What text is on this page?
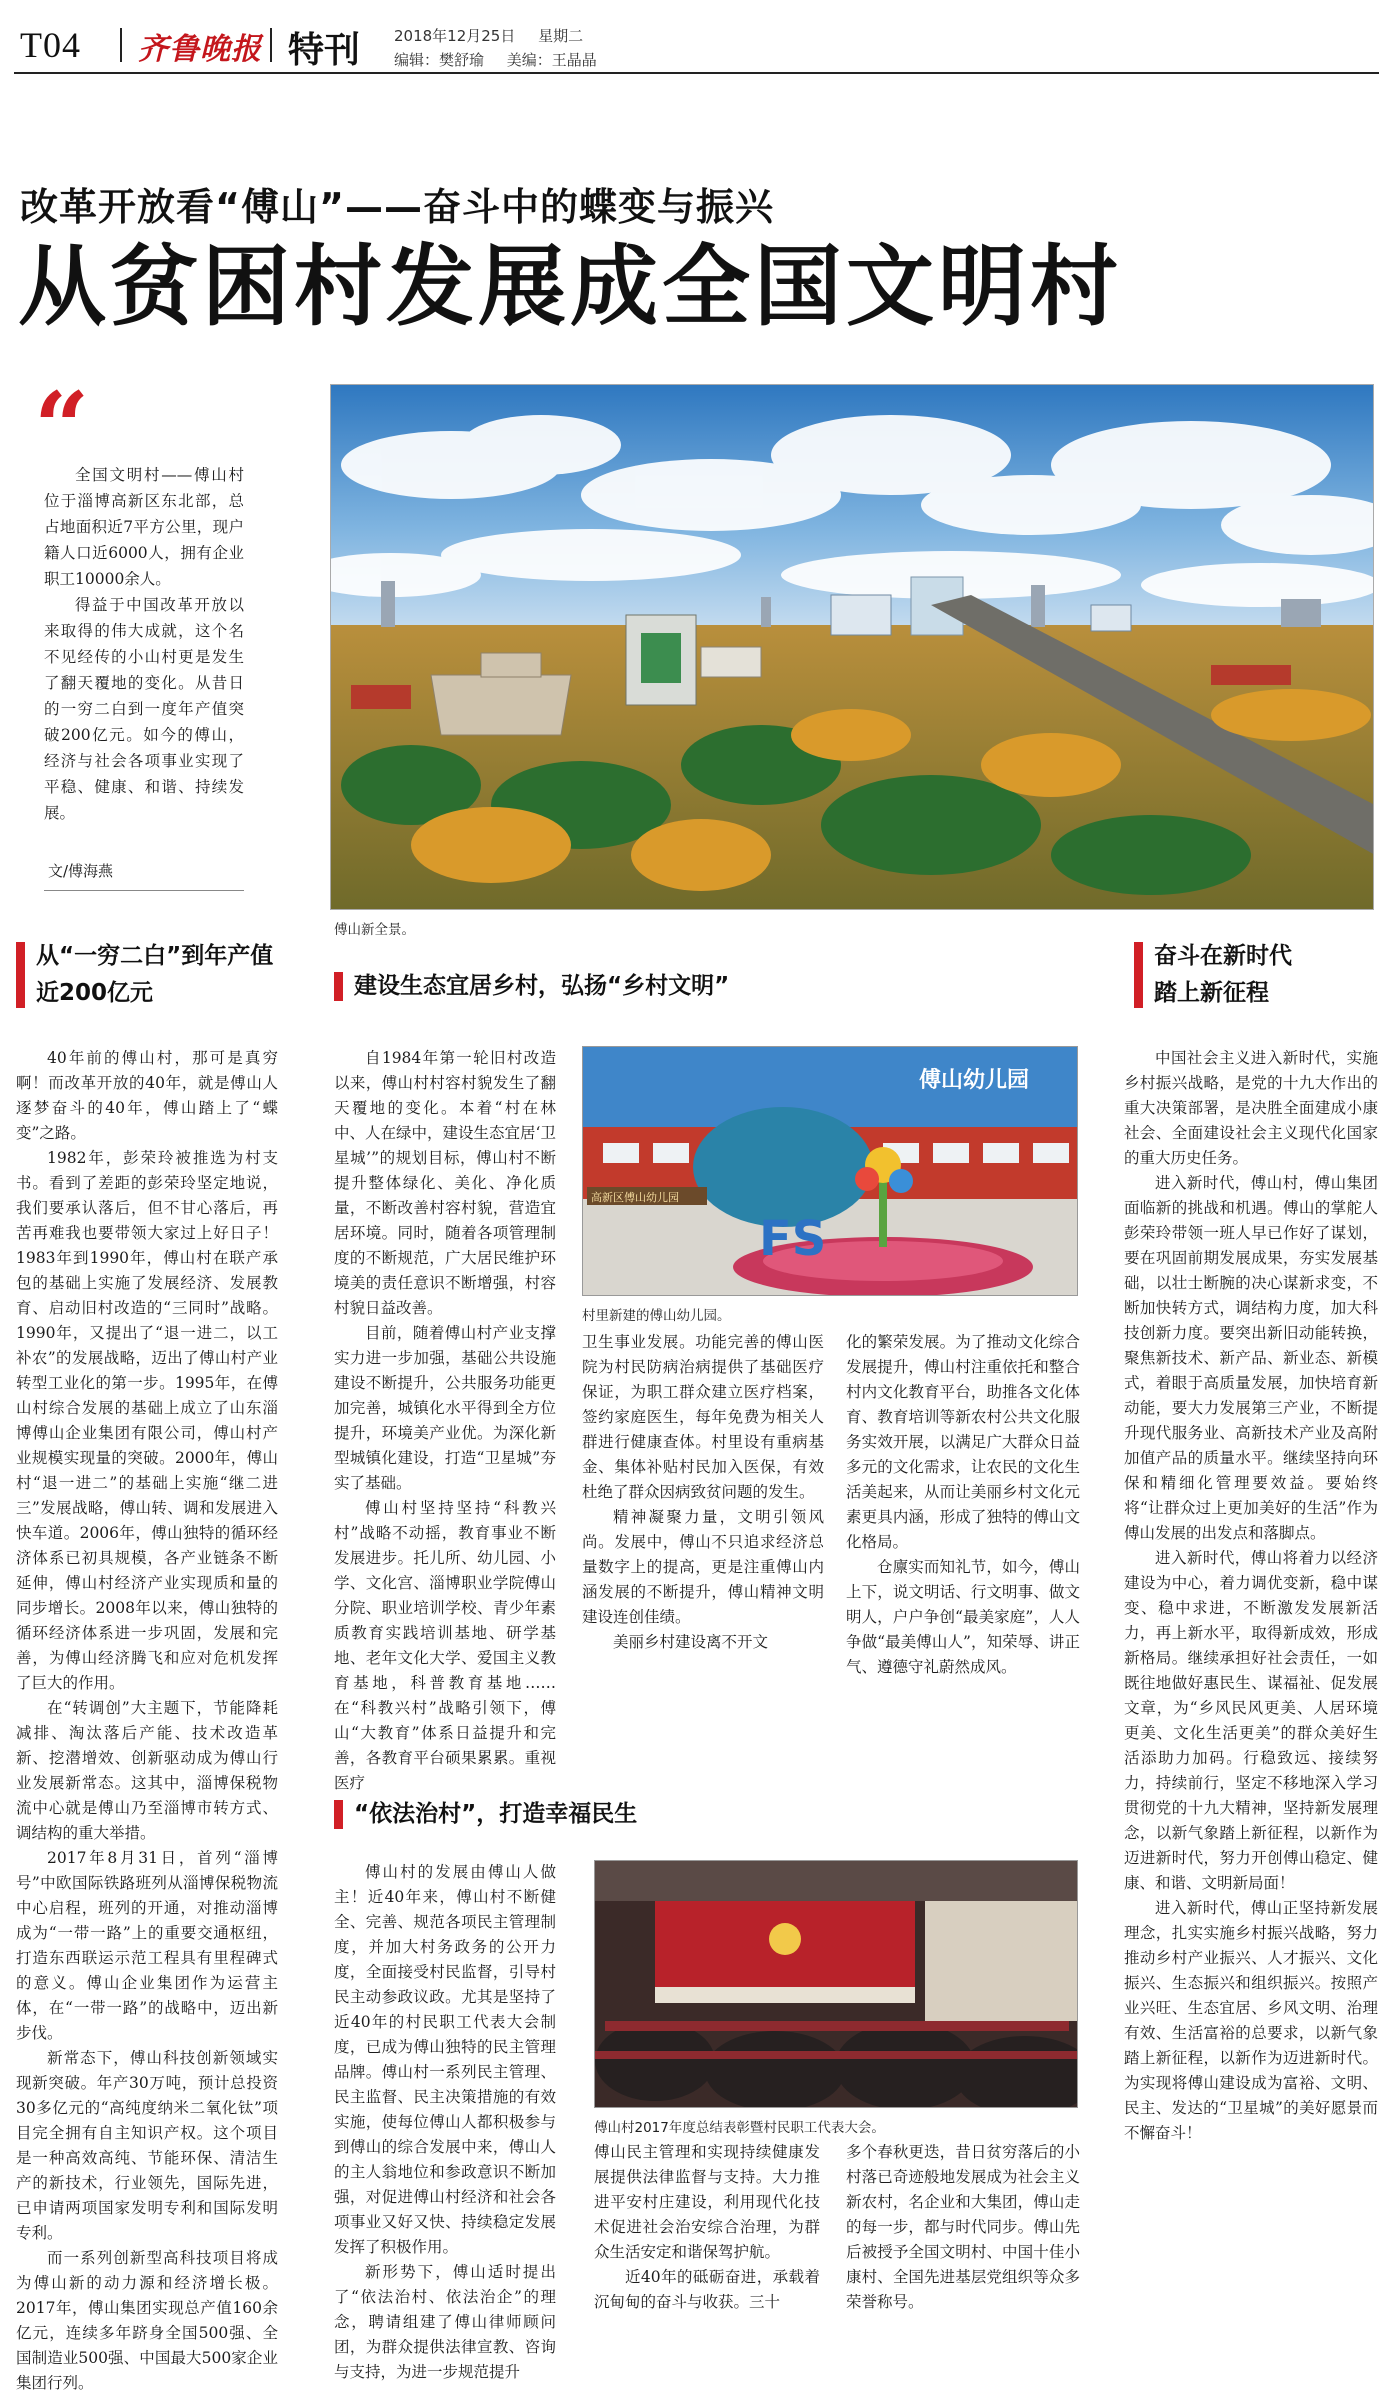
T04 齐鲁晚报 特刊 2018年12月25日 星期二
编辑：樊舒瑜 美编：王晶晶
改革开放看“傅山”——奋斗中的蝶变与振兴
从贫困村发展成全国文明村
“

全国文明村——傅山村位于淄博高新区东北部，总占地面积近7平方公里，现户籍人口近6000人，拥有企业职工10000余人。

得益于中国改革开放以来取得的伟大成就，这个名不见经传的小山村更是发生了翻天覆地的变化。从昔日的一穷二白到一度年产值突破200亿元。如今的傅山，经济与社会各项事业实现了平稳、健康、和谐、持续发展。

文/傅海燕
傅山新全景。
从“一穷二白”到年产值近200亿元

40年前的傅山村，那可是真穷啊！而改革开放的40年，就是傅山人逐梦奋斗的40年，傅山踏上了“蝶变”之路。

1982年，彭荣玲被推选为村支书。看到了差距的彭荣玲坚定地说，我们要承认落后，但不甘心落后，再苦再难我也要带领大家过上好日子！1983年到1990年，傅山村在联产承包的基础上实施了发展经济、发展教育、启动旧村改造的“三同时”战略。1990年，又提出了“退一进二，以工补农”的发展战略，迈出了傅山村产业转型工业化的第一步。1995年，在傅山村综合发展的基础上成立了山东淄博傅山企业集团有限公司，傅山村产业规模实现量的突破。2000年，傅山村“退一进二”的基础上实施“继二进三”发展战略，傅山转、调和发展进入快车道。2006年，傅山独特的循环经济体系已初具规模，各产业链条不断延伸，傅山村经济产业实现质和量的同步增长。2008年以来，傅山独特的循环经济体系进一步巩固，发展和完善，为傅山经济腾飞和应对危机发挥了巨大的作用。

在“转调创”大主题下，节能降耗减排、淘汰落后产能、技术改造革新、挖潜增效、创新驱动成为傅山行业发展新常态。这其中，淄博保税物流中心就是傅山乃至淄博市转方式、调结构的重大举措。

2017年8月31日，首列“淄博号”中欧国际铁路班列从淄博保税物流中心启程，班列的开通，对推动淄博成为“一带一路”上的重要交通枢纽，打造东西联运示范工程具有里程碑式的意义。傅山企业集团作为运营主体，在“一带一路”的战略中，迈出新步伐。

新常态下，傅山科技创新领域实现新突破。年产30万吨，预计总投资30多亿元的“高纯度纳米二氧化钛”项目完全拥有自主知识产权。这个项目是一种高效高纯、节能环保、清洁生产的新技术，行业领先，国际先进，已申请两项国家发明专利和国际发明专利。

而一系列创新型高科技项目将成为傅山新的动力源和经济增长极。2017年，傅山集团实现总产值160余亿元，连续多年跻身全国500强、全国制造业500强、中国最大500家企业集团行列。

建设生态宜居乡村，弘扬“乡村文明”

自1984年第一轮旧村改造以来，傅山村村容村貌发生了翻天覆地的变化。本着“村在林中、人在绿中，建设生态宜居‘卫星城’”的规划目标，傅山村不断提升整体绿化、美化、净化质量，不断改善村容村貌，营造宜居环境。同时，随着各项管理制度的不断规范，广大居民维护环境美的责任意识不断增强，村容村貌日益改善。

目前，随着傅山村产业支撑实力进一步加强，基础公共设施建设不断提升，公共服务功能更加完善，城镇化水平得到全方位提升，环境美产业优。为深化新型城镇化建设，打造“卫星城”夯实了基础。

傅山村坚持坚持“科教兴村”战略不动摇，教育事业不断发展进步。托儿所、幼儿园、小学、文化宫、淄博职业学院傅山分院、职业培训学校、青少年素质教育实践培训基地、研学基地、老年文化大学、爱国主义教育基地，科普教育基地……在“科教兴村”战略引领下，傅山“大教育”体系日益提升和完善，各教育平台硕果累累。重视医疗

傅山幼儿园
高新区傅山幼儿园
FS
村里新建的傅山幼儿园。

卫生事业发展。功能完善的傅山医院为村民防病治病提供了基础医疗保证，为职工群众建立医疗档案，签约家庭医生，每年免费为相关人群进行健康查体。村里设有重病基金、集体补贴村民加入医保，有效杜绝了群众因病致贫问题的发生。

精神凝聚力量，文明引领风尚。发展中，傅山不只追求经济总量数字上的提高，更是注重傅山内涵发展的不断提升，傅山精神文明建设连创佳绩。

美丽乡村建设离不开文

化的繁荣发展。为了推动文化综合发展提升，傅山村注重依托和整合村内文化教育平台，助推各文化体育、教育培训等新农村公共文化服务实效开展，以满足广大群众日益多元的文化需求，让农民的文化生活美起来，从而让美丽乡村文化元素更具内涵，形成了独特的傅山文化格局。

仓廪实而知礼节，如今，傅山上下，说文明话、行文明事、做文明人，户户争创“最美家庭”，人人争做“最美傅山人”，知荣辱、讲正气、遵德守礼蔚然成风。

“依法治村”，打造幸福民生

傅山村的发展由傅山人做主！近40年来，傅山村不断健全、完善、规范各项民主管理制度，并加大村务政务的公开力度，全面接受村民监督，引导村民主动参政议政。尤其是坚持了近40年的村民职工代表大会制度，已成为傅山独特的民主管理品牌。傅山村一系列民主管理、民主监督、民主决策措施的有效实施，使每位傅山人都积极参与到傅山的综合发展中来，傅山人的主人翁地位和参政意识不断加强，对促进傅山村经济和社会各项事业又好又快、持续稳定发展发挥了积极作用。

新形势下，傅山适时提出了“依法治村、依法治企”的理念，聘请组建了傅山律师顾问团，为群众提供法律宣教、咨询与支持，为进一步规范提升

傅山村2017年度总结表彰暨村民职工代表大会。

傅山民主管理和实现持续健康发展提供法律监督与支持。大力推进平安村庄建设，利用现代化技术促进社会治安综合治理，为群众生活安定和谐保驾护航。

近40年的砥砺奋进，承载着沉甸甸的奋斗与收获。三十

多个春秋更迭，昔日贫穷落后的小村落已奇迹般地发展成为社会主义新农村，名企业和大集团，傅山走的每一步，都与时代同步。傅山先后被授予全国文明村、中国十佳小康村、全国先进基层党组织等众多荣誉称号。

奋斗在新时代
踏上新征程

中国社会主义进入新时代，实施乡村振兴战略，是党的十九大作出的重大决策部署，是决胜全面建成小康社会、全面建设社会主义现代化国家的重大历史任务。

进入新时代，傅山村，傅山集团面临新的挑战和机遇。傅山的掌舵人彭荣玲带领一班人早已作好了谋划，要在巩固前期发展成果，夯实发展基础，以壮士断腕的决心谋新求变，不断加快转方式，调结构力度，加大科技创新力度。要突出新旧动能转换，聚焦新技术、新产品、新业态、新模式，着眼于高质量发展，加快培育新动能，要大力发展第三产业，不断提升现代服务业、高新技术产业及高附加值产品的质量水平。继续坚持向环保和精细化管理要效益。要始终将“让群众过上更加美好的生活”作为傅山发展的出发点和落脚点。

进入新时代，傅山将着力以经济建设为中心，着力调优变新，稳中谋变、稳中求进，不断激发发展新活力，再上新水平，取得新成效，形成新格局。继续承担好社会责任，一如既往地做好惠民生、谋福祉、促发展文章，为“乡风民风更美、人居环境更美、文化生活更美”的群众美好生活添助力加码。行稳致远、接续努力，持续前行，坚定不移地深入学习贯彻党的十九大精神，坚持新发展理念，以新气象踏上新征程，以新作为迈进新时代，努力开创傅山稳定、健康、和谐、文明新局面！

进入新时代，傅山正坚持新发展理念，扎实实施乡村振兴战略，努力推动乡村产业振兴、人才振兴、文化振兴、生态振兴和组织振兴。按照产业兴旺、生态宜居、乡风文明、治理有效、生活富裕的总要求，以新气象踏上新征程，以新作为迈进新时代。为实现将傅山建设成为富裕、文明、民主、发达的“卫星城”的美好愿景而不懈奋斗！
